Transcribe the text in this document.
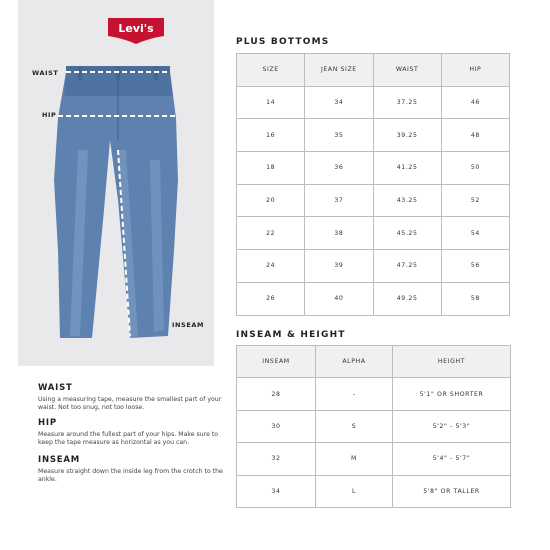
Levi's
WAIST
HIP
INSEAM
WAIST

Using a measuring tape, measure the smallest part of your waist. Not too snug, not too loose.

HIP

Measure around the fullest part of your hips. Make sure to keep the tape measure as horizontal as you can.

INSEAM

Measure straight down the inside leg from the crotch to the ankle.

PLUS BOTTOMS
SIZE	JEAN SIZE	WAIST	HIP
14	34	37.25	46
16	35	39.25	48
18	36	41.25	50
20	37	43.25	52
22	38	45.25	54
24	39	47.25	56
26	40	49.25	58
INSEAM & HEIGHT
INSEAM	ALPHA	HEIGHT
28	-	5'1" OR SHORTER
30	S	5'2" - 5'3"
32	M	5'4" - 5'7"
34	L	5'8" OR TALLER
